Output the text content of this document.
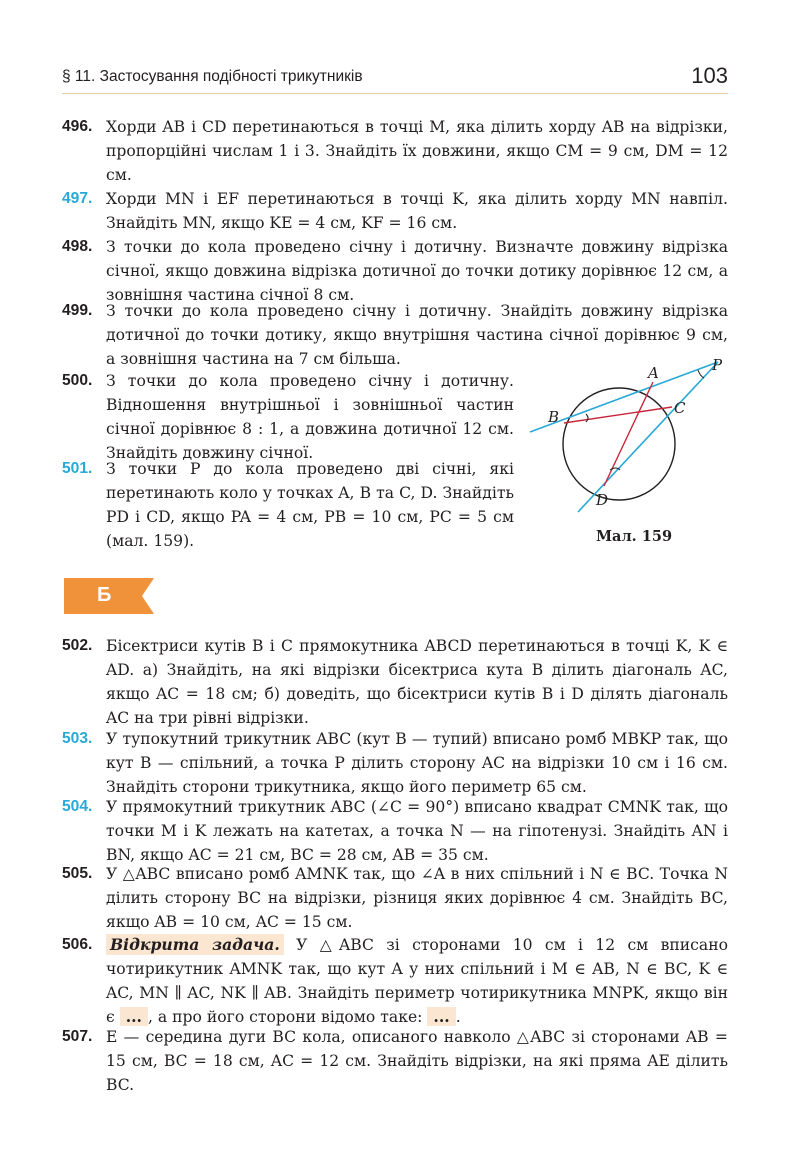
§ 11. Застосування подібності трикутників	103
496. Хорди AB і CD перетинаються в точці M, яка ділить хорду AB на відрізки, пропорційні числам 1 і 3. Знайдіть їх довжини, якщо CM = 9 см, DM = 12 см.
497. Хорди MN і EF перетинаються в точці K, яка ділить хорду MN навпіл. Знайдіть MN, якщо KE = 4 см, KF = 16 см.
498. З точки до кола проведено січну і дотичну. Визначте довжину відрізка січної, якщо довжина відрізка дотичної до точки дотику дорівнює 12 см, а зовнішня частина січної 8 см.
499. З точки до кола проведено січну і дотичну. Знайдіть довжину відрізка дотичної до точки дотику, якщо внутрішня частина січної дорівнює 9 см, а зовнішня частина на 7 см більша.
500. З точки до кола проведено січну і дотичну. Відношення внутрішньої і зовнішньої частин січної дорівнює 8 : 1, а довжина дотичної 12 см. Знайдіть довжину січної.
501. З точки P до кола проведено дві січні, які перетинають коло у точках A, B та C, D. Знайдіть PD і CD, якщо PA = 4 см, PB = 10 см, PC = 5 см (мал. 159).
P
A
B	C
D
Мал. 159
Б
502. Бісектриси кутів B і C прямокутника ABCD перетинаються в точці K, K ∈ AD. а) Знайдіть, на які відрізки бісектриса кута B ділить діагональ AC, якщо AC = 18 см; б) доведіть, що бісектриси кутів B і D ділять діагональ AC на три рівні відрізки.
503. У тупокутний трикутник ABC (кут B — тупий) вписано ромб MBKP так, що кут B — спільний, а точка P ділить сторону AC на відрізки 10 см і 16 см. Знайдіть сторони трикутника, якщо його периметр 65 см.
504. У прямокутний трикутник ABC (∠C = 90°) вписано квадрат CMNK так, що точки M і K лежать на катетах, а точка N — на гіпотенузі. Знайдіть AN і BN, якщо AC = 21 см, BC = 28 см, AB = 35 см.
505. У △ABC вписано ромб AMNK так, що ∠A в них спільний і N ∈ BC. Точка N ділить сторону BC на відрізки, різниця яких дорівнює 4 см. Знайдіть BC, якщо AB = 10 см, AC = 15 см.
506. Відкрита задача. У △ABC зі сторонами 10 см і 12 см вписано чотирикутник AMNK так, що кут A у них спільний і M ∈ AB, N ∈ BC, K ∈ AC, MN ∥ AC, NK ∥ AB. Знайдіть периметр чотирикутника MNPK, якщо він є ... , а про його сторони відомо таке: ... .
507. E — середина дуги BC кола, описаного навколо △ABC зі сторонами AB = 15 см, BC = 18 см, AC = 12 см. Знайдіть відрізки, на які пряма AE ділить BC.
